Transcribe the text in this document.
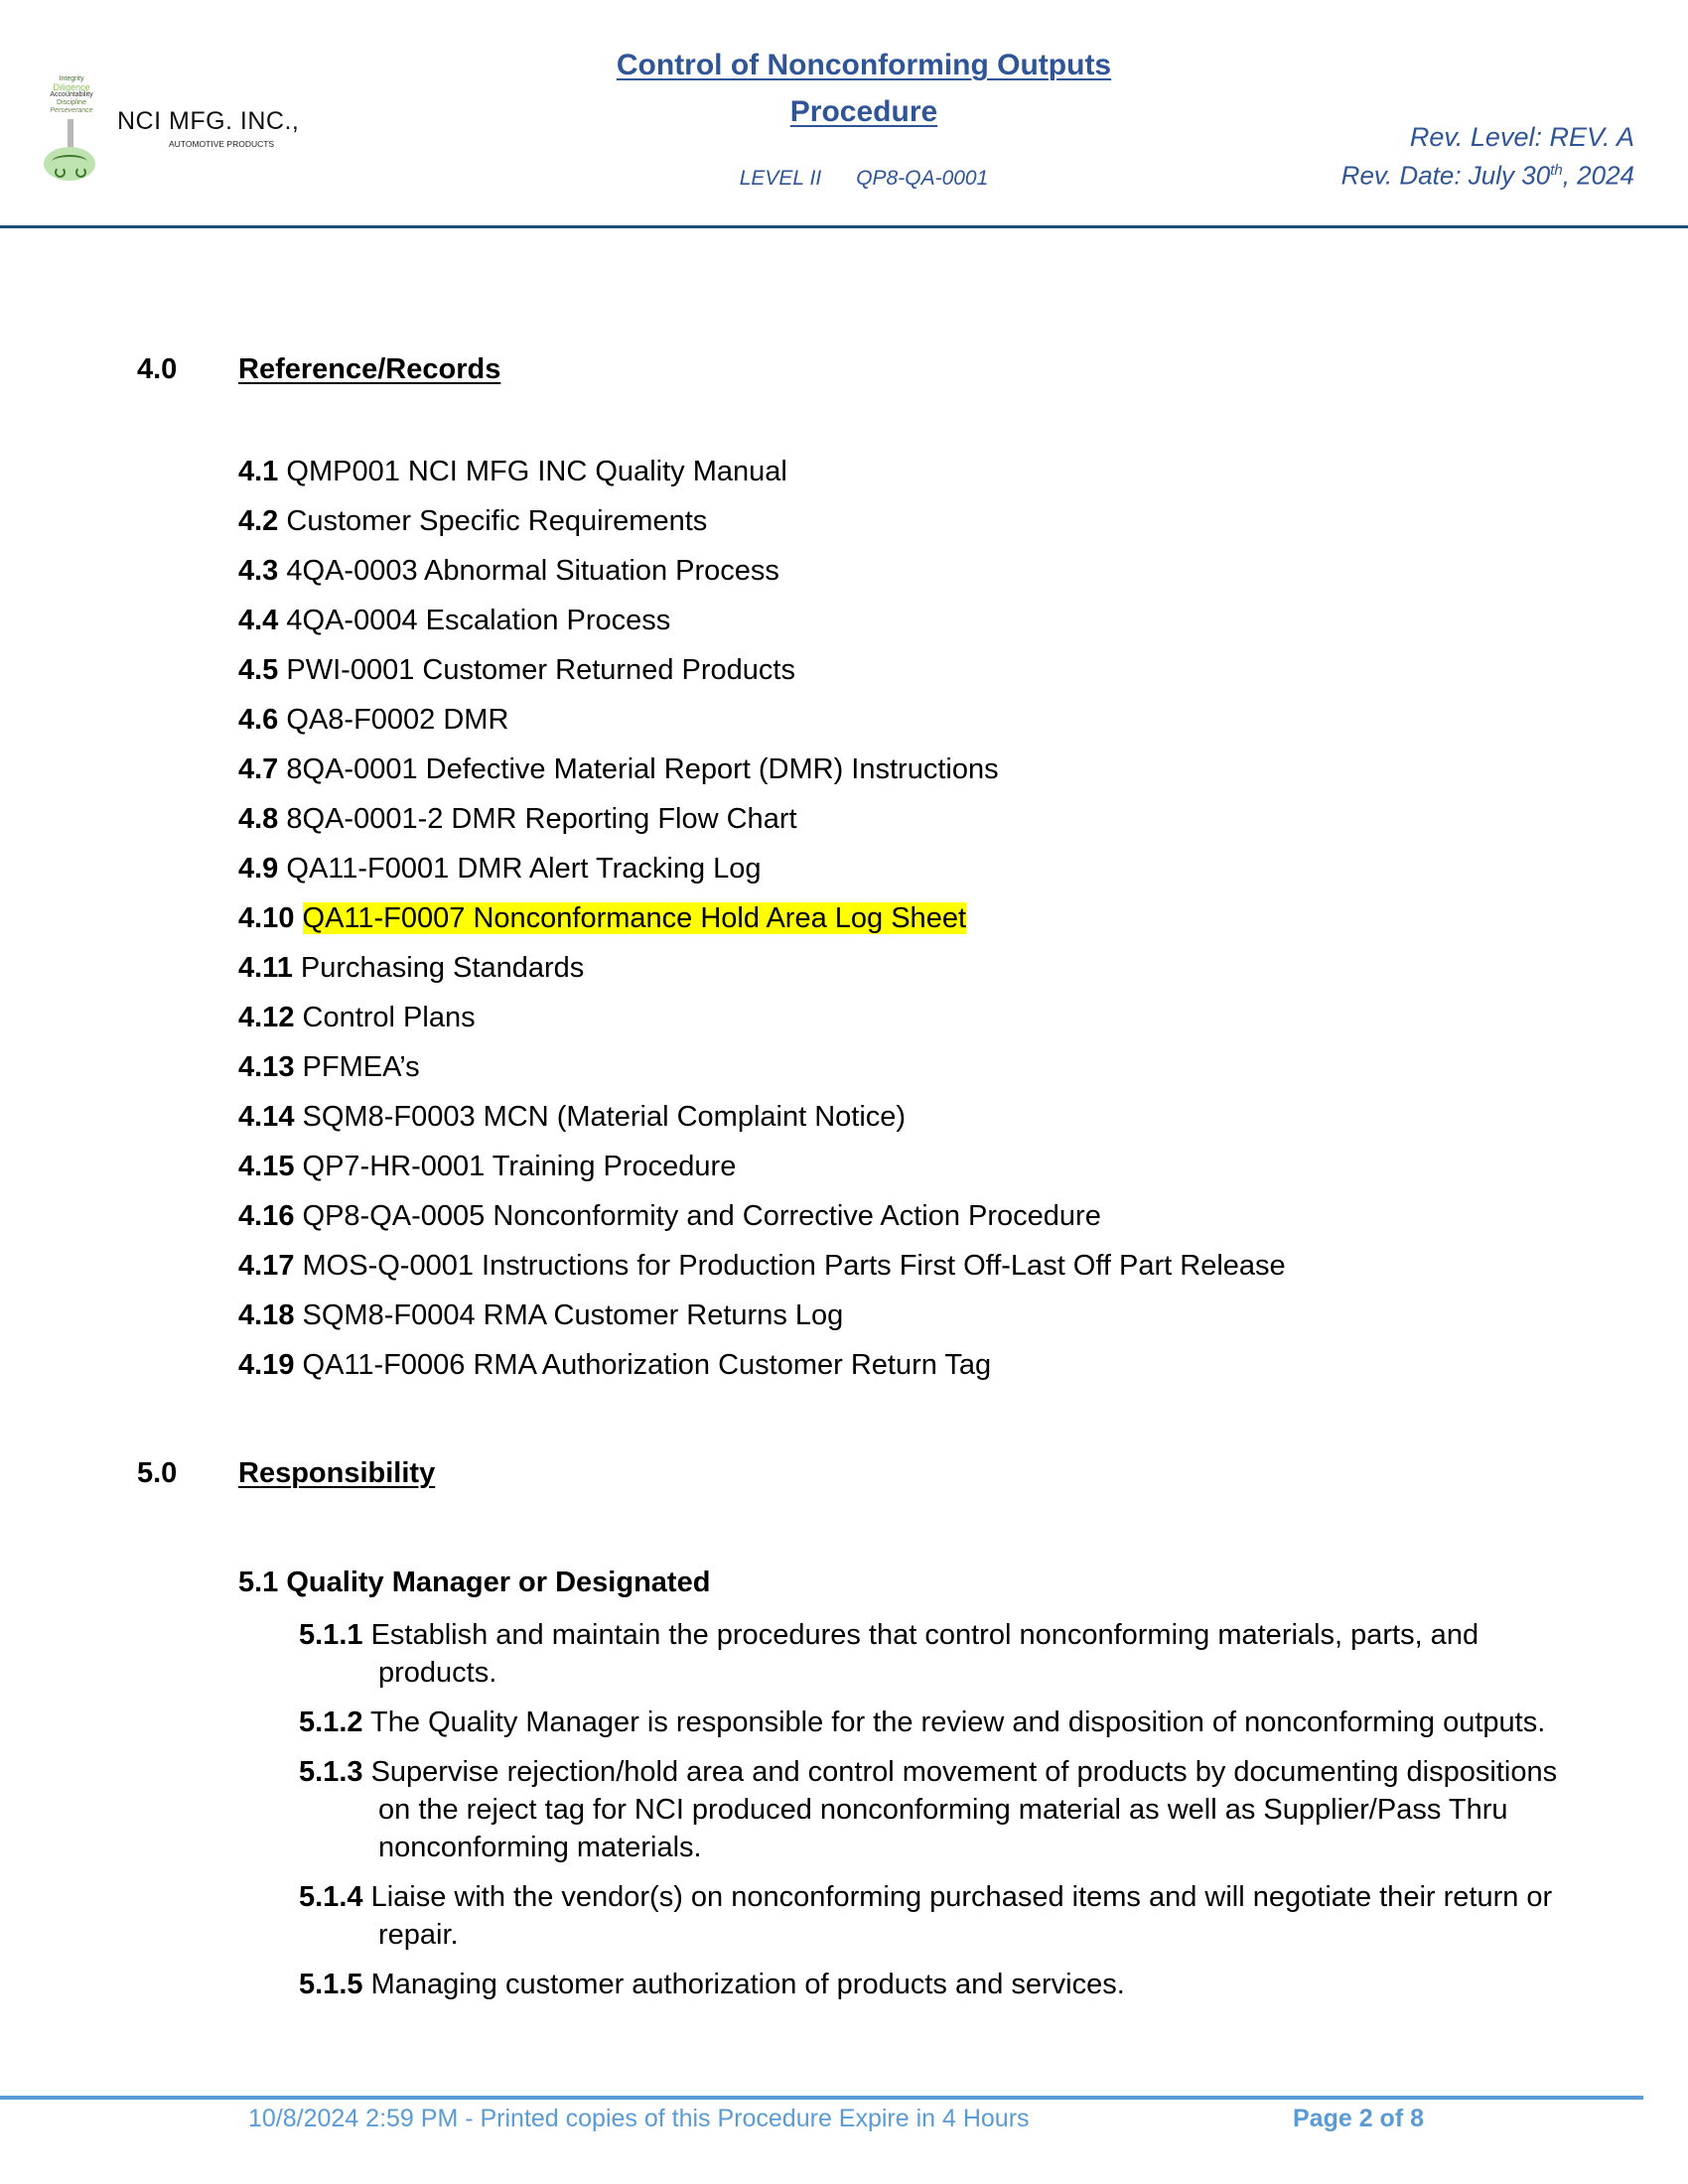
Integrity
Diligence
Accountability
Discipline
Perseverance NCI MFG. INC.,
AUTOMOTIVE PRODUCTS
Control of Nonconforming Outputs
Procedure
LEVEL II QP8-QA-0001
Rev. Level: REV. A
Rev. Date: July 30th, 2024
4.0 Reference/Records
4.1 QMP001 NCI MFG INC Quality Manual
4.2 Customer Specific Requirements
4.3 4QA-0003 Abnormal Situation Process
4.4 4QA-0004 Escalation Process
4.5 PWI-0001 Customer Returned Products
4.6 QA8-F0002 DMR
4.7 8QA-0001 Defective Material Report (DMR) Instructions
4.8 8QA-0001-2 DMR Reporting Flow Chart
4.9 QA11-F0001 DMR Alert Tracking Log
4.10 QA11-F0007 Nonconformance Hold Area Log Sheet
4.11 Purchasing Standards
4.12 Control Plans
4.13 PFMEA’s
4.14 SQM8-F0003 MCN (Material Complaint Notice)
4.15 QP7-HR-0001 Training Procedure
4.16 QP8-QA-0005 Nonconformity and Corrective Action Procedure
4.17 MOS-Q-0001 Instructions for Production Parts First Off-Last Off Part Release
4.18 SQM8-F0004 RMA Customer Returns Log
4.19 QA11-F0006 RMA Authorization Customer Return Tag
5.0 Responsibility
5.1 Quality Manager or Designated
5.1.1 Establish and maintain the procedures that control nonconforming materials, parts, and products.
5.1.2 The Quality Manager is responsible for the review and disposition of nonconforming outputs.
5.1.3 Supervise rejection/hold area and control movement of products by documenting dispositions on the reject tag for NCI produced nonconforming material as well as Supplier/Pass Thru nonconforming materials.
5.1.4 Liaise with the vendor(s) on nonconforming purchased items and will negotiate their return or repair.
5.1.5 Managing customer authorization of products and services.
10/8/2024 2:59 PM - Printed copies of this Procedure Expire in 4 Hours	Page 2 of 8
